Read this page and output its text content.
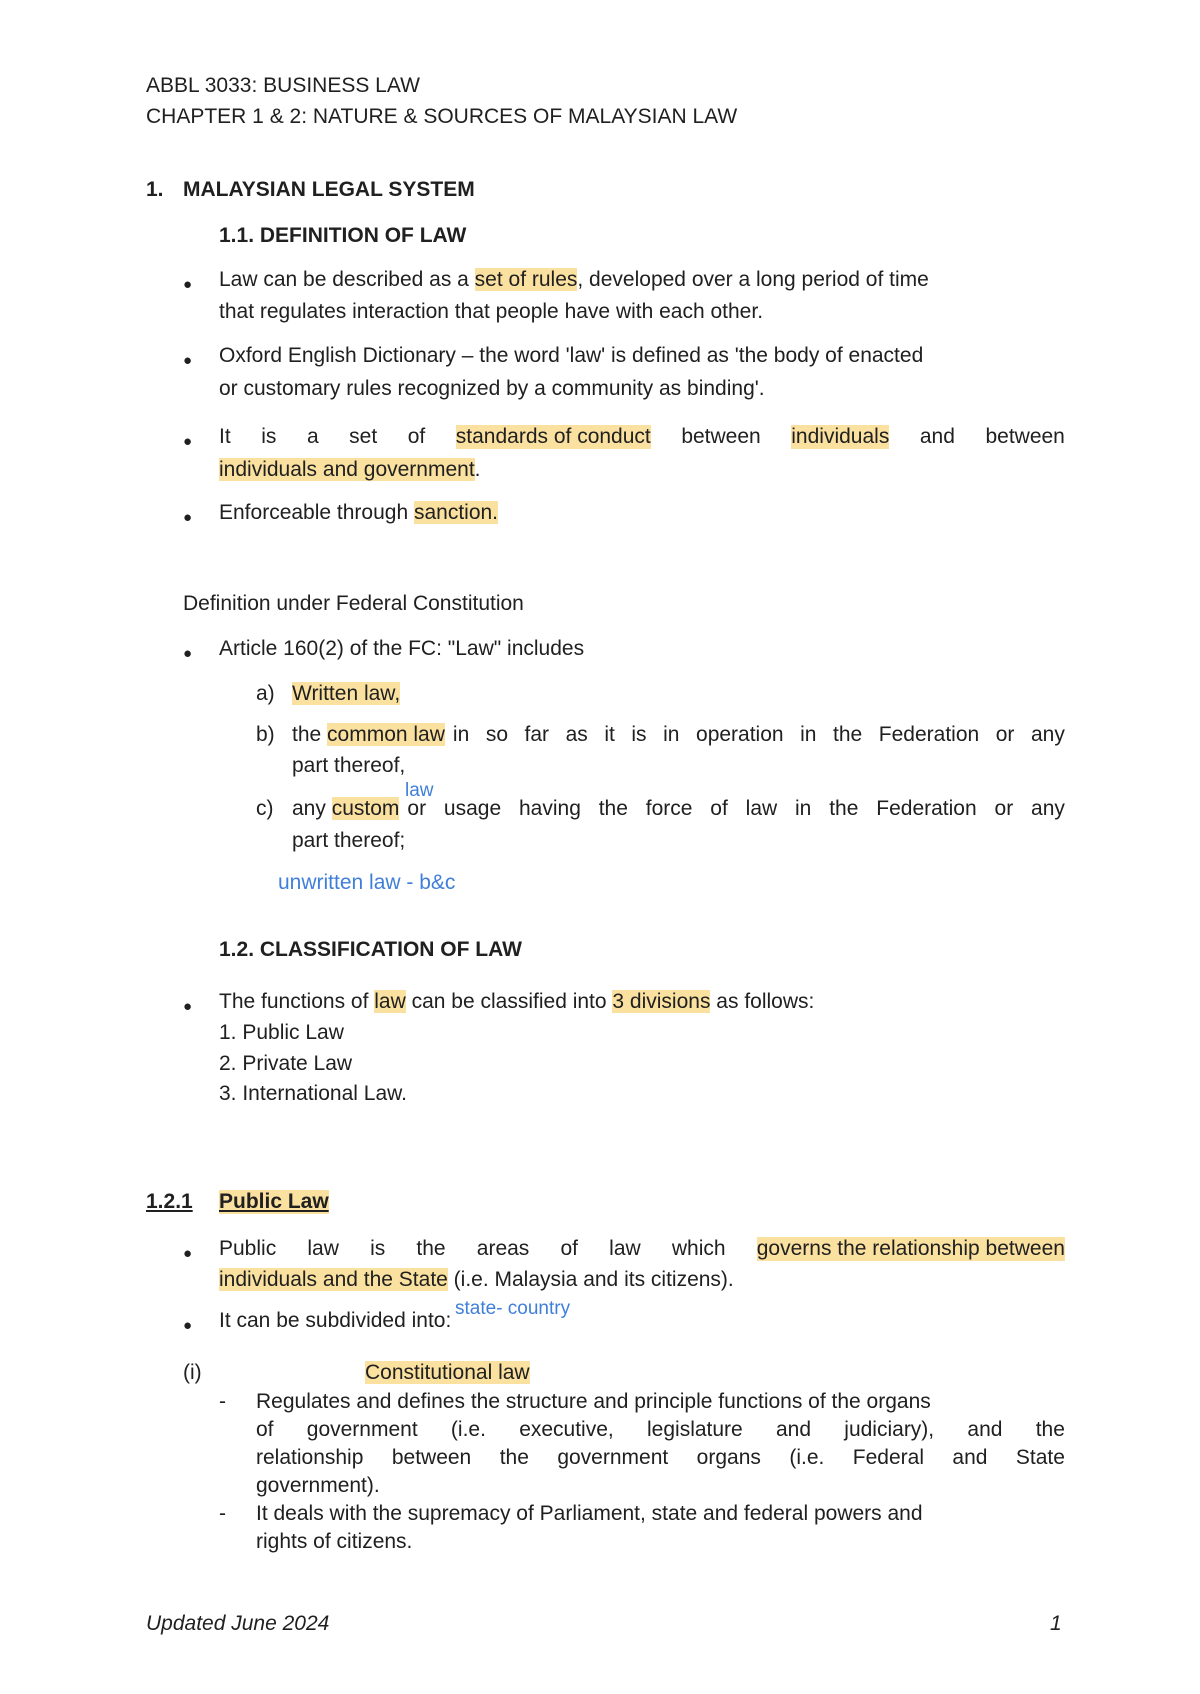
ABBL 3033: BUSINESS LAW
CHAPTER 1 & 2: NATURE & SOURCES OF MALAYSIAN LAW
1. MALAYSIAN LEGAL SYSTEM
1.1. DEFINITION OF LAW
● Law can be described as a set of rules, developed over a long period of time
that regulates interaction that people have with each other.
● Oxford English Dictionary – the word 'law' is defined as 'the body of enacted
or customary rules recognized by a community as binding'.
● It is a set of standards of conduct between individuals and between
individuals and government.
● Enforceable through sanction.
Definition under Federal Constitution
● Article 160(2) of the FC: "Law" includes
a) Written law,
b) the common law in so far as it is in operation in the Federation or any
part thereof,
law
c) any custom or usage having the force of law in the Federation or any
part thereof;
unwritten law - b&c
1.2. CLASSIFICATION OF LAW
● The functions of law can be classified into 3 divisions as follows:
1. Public Law
2. Private Law
3. International Law.
1.2.1 Public Law
● Public law is the areas of law which governs the relationship between
individuals and the State (i.e. Malaysia and its citizens).
state- country
● It can be subdivided into:
(i)	Constitutional law
- Regulates and defines the structure and principle functions of the organs
of government (i.e. executive, legislature and judiciary), and the
relationship between the government organs (i.e. Federal and State
government).
- It deals with the supremacy of Parliament, state and federal powers and
rights of citizens.
Updated June 2024	1
